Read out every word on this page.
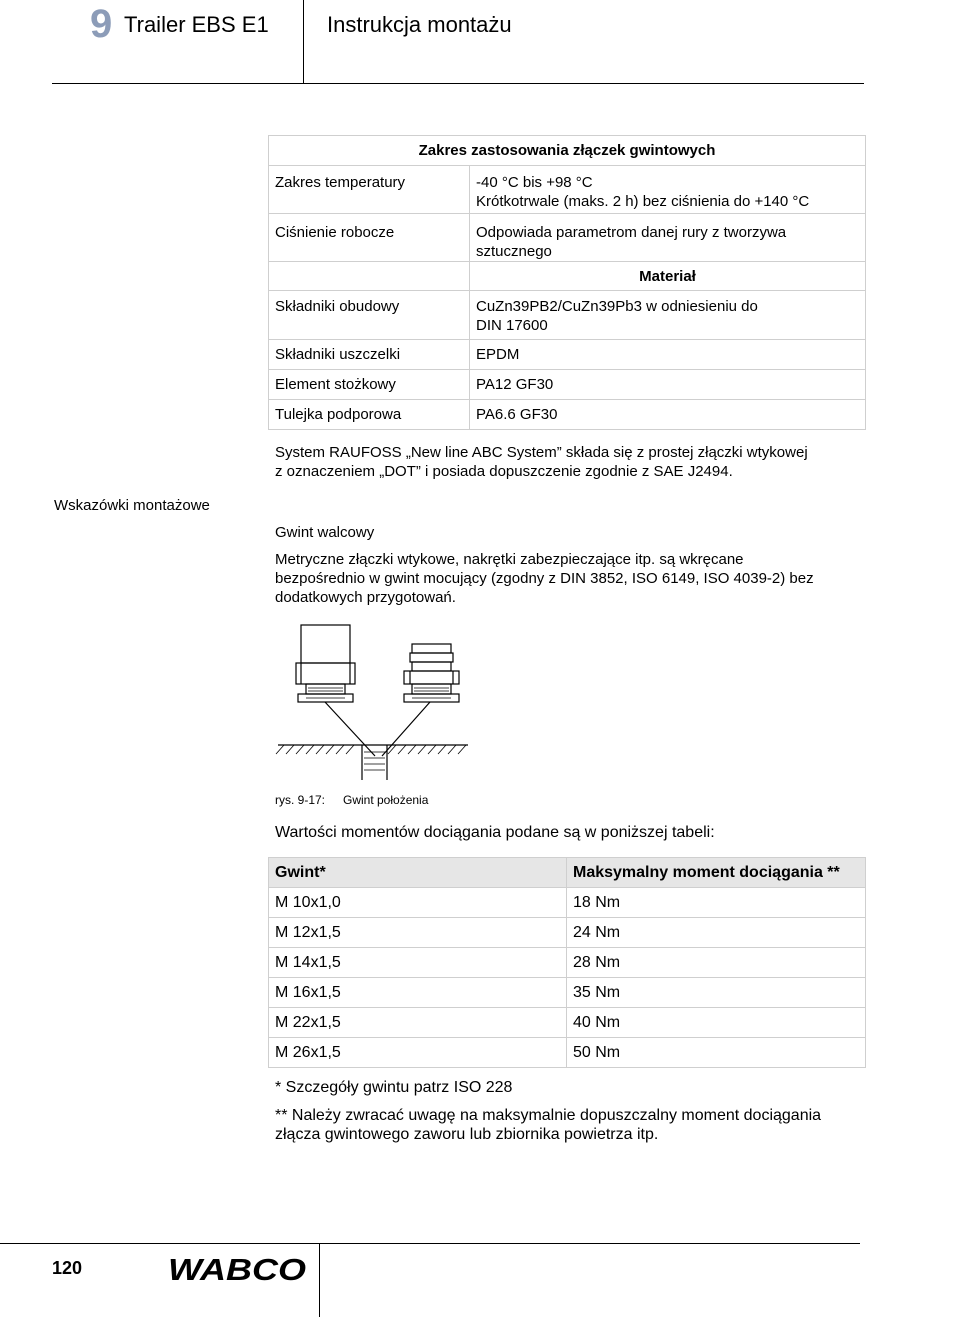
9 Trailer EBS E1	Instrukcja montażu
Zakres zastosowania złączek gwintowych	
Zakres temperatury	-40 °C bis +98 °C
Krótkotrwale (maks. 2 h) bez ciśnienia do +140 °C

Ciśnienie robocze	Odpowiada parametrom danej rury z tworzywa
sztucznego

	Materiał
Składniki obudowy	CuZn39PB2/CuZn39Pb3 w odniesieniu do
DIN 17600

Składniki uszczelki	EPDM
Element stożkowy	PA12 GF30
Tulejka podporowa	PA6.6 GF30
Wskazówki montażowe
System RAUFOSS „New line ABC System” składa się z prostej złączki wtykowej
z oznaczeniem „DOT” i posiada dopuszczenie zgodnie z SAE J2494.
Gwint walcowy
Metryczne złączki wtykowe, nakrętki zabezpieczające itp. są wkręcane
bezpośrednio w gwint mocujący (zgodny z DIN 3852, ISO 6149, ISO 4039-2) bez
dodatkowych przygotowań.
rys. 9-17: Gwint położenia
Wartości momentów dociągania podane są w poniższej tabeli:
Gwint*	Maksymalny moment dociągania **
M 10x1,0	18 Nm
M 12x1,5	24 Nm
M 14x1,5	28 Nm
M 16x1,5	35 Nm
M 22x1,5	40 Nm
M 26x1,5	50 Nm
* Szczegóły gwintu patrz ISO 228
** Należy zwracać uwagę na maksymalnie dopuszczalny moment dociągania
złącza gwintowego zaworu lub zbiornika powietrza itp.
120	WABCO
